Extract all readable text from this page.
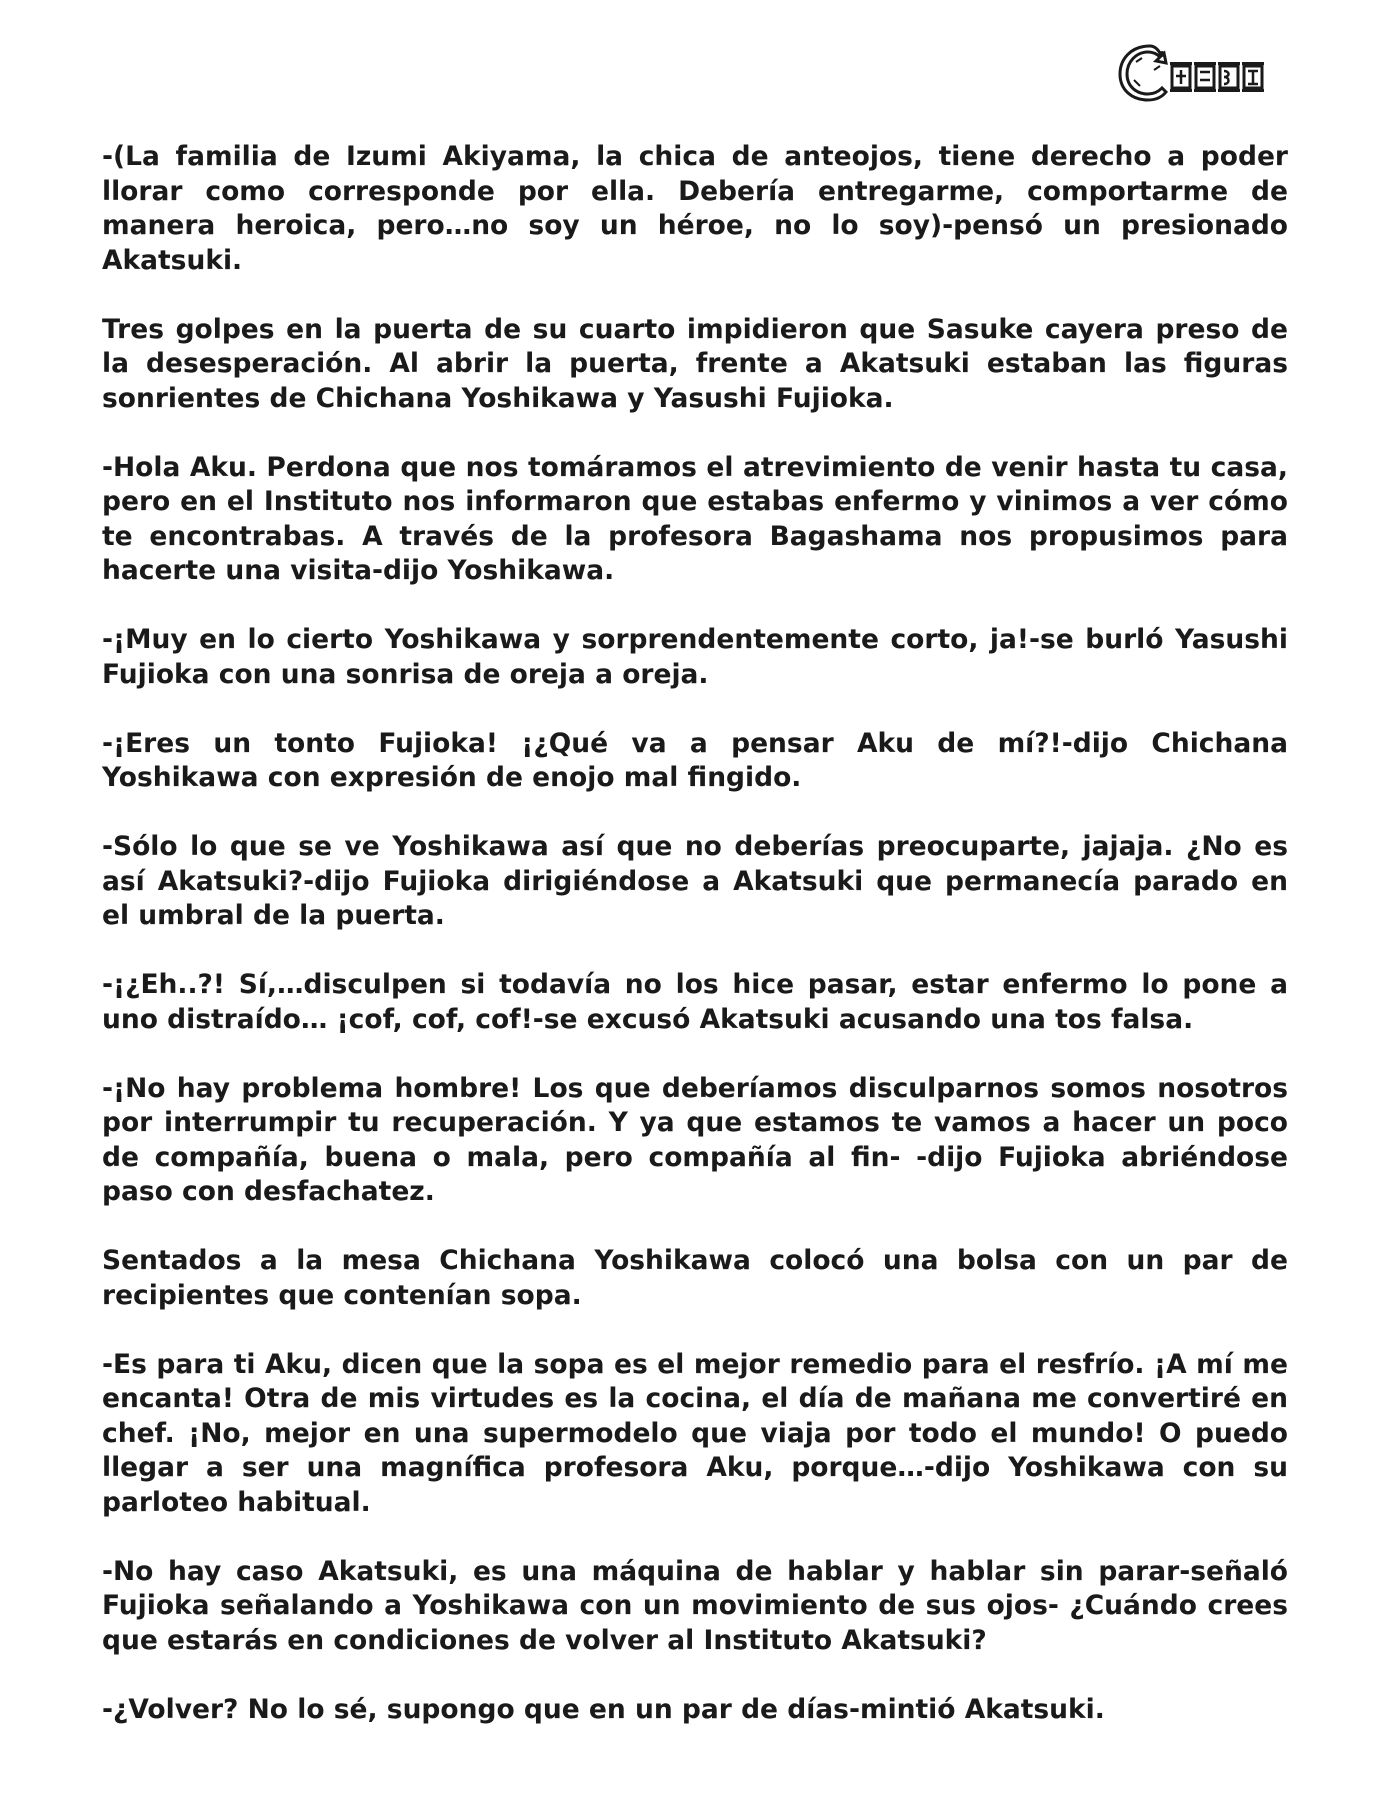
-(La familia de Izumi Akiyama, la chica de anteojos, tiene derecho a poder llorar como corresponde por ella. Debería entregarme, comportarme de manera heroica, pero…no soy un héroe, no lo soy)-pensó un presionado Akatsuki.

Tres golpes en la puerta de su cuarto impidieron que Sasuke cayera preso de la desesperación. Al abrir la puerta, frente a Akatsuki estaban las figuras sonrientes de Chichana Yoshikawa y Yasushi Fujioka.

-Hola Aku. Perdona que nos tomáramos el atrevimiento de venir hasta tu casa, pero en el Instituto nos informaron que estabas enfermo y vinimos a ver cómo te encontrabas. A través de la profesora Bagashama nos propusimos para hacerte una visita-dijo Yoshikawa.

-¡Muy en lo cierto Yoshikawa y sorprendentemente corto, ja!-se burló Yasushi Fujioka con una sonrisa de oreja a oreja.

-¡Eres un tonto Fujioka! ¡¿Qué va a pensar Aku de mí?!-dijo Chichana Yoshikawa con expresión de enojo mal fingido.

-Sólo lo que se ve Yoshikawa así que no deberías preocuparte, jajaja. ¿No es así Akatsuki?-dijo Fujioka dirigiéndose a Akatsuki que permanecía parado en el umbral de la puerta.

-¡¿Eh..?! Sí,…disculpen si todavía no los hice pasar, estar enfermo lo pone a uno distraído… ¡cof, cof, cof!-se excusó Akatsuki acusando una tos falsa.

-¡No hay problema hombre! Los que deberíamos disculparnos somos nosotros por interrumpir tu recuperación. Y ya que estamos te vamos a hacer un poco de compañía, buena o mala, pero compañía al fin- -dijo Fujioka abriéndose paso con desfachatez.

Sentados a la mesa Chichana Yoshikawa colocó una bolsa con un par de recipientes que contenían sopa.

-Es para ti Aku, dicen que la sopa es el mejor remedio para el resfrío. ¡A mí me encanta! Otra de mis virtudes es la cocina, el día de mañana me convertiré en chef. ¡No, mejor en una supermodelo que viaja por todo el mundo! O puedo llegar a ser una magnífica profesora Aku, porque…-dijo Yoshikawa con su parloteo habitual.

-No hay caso Akatsuki, es una máquina de hablar y hablar sin parar-señaló Fujioka señalando a Yoshikawa con un movimiento de sus ojos- ¿Cuándo crees que estarás en condiciones de volver al Instituto Akatsuki?

-¿Volver? No lo sé, supongo que en un par de días-mintió Akatsuki.
